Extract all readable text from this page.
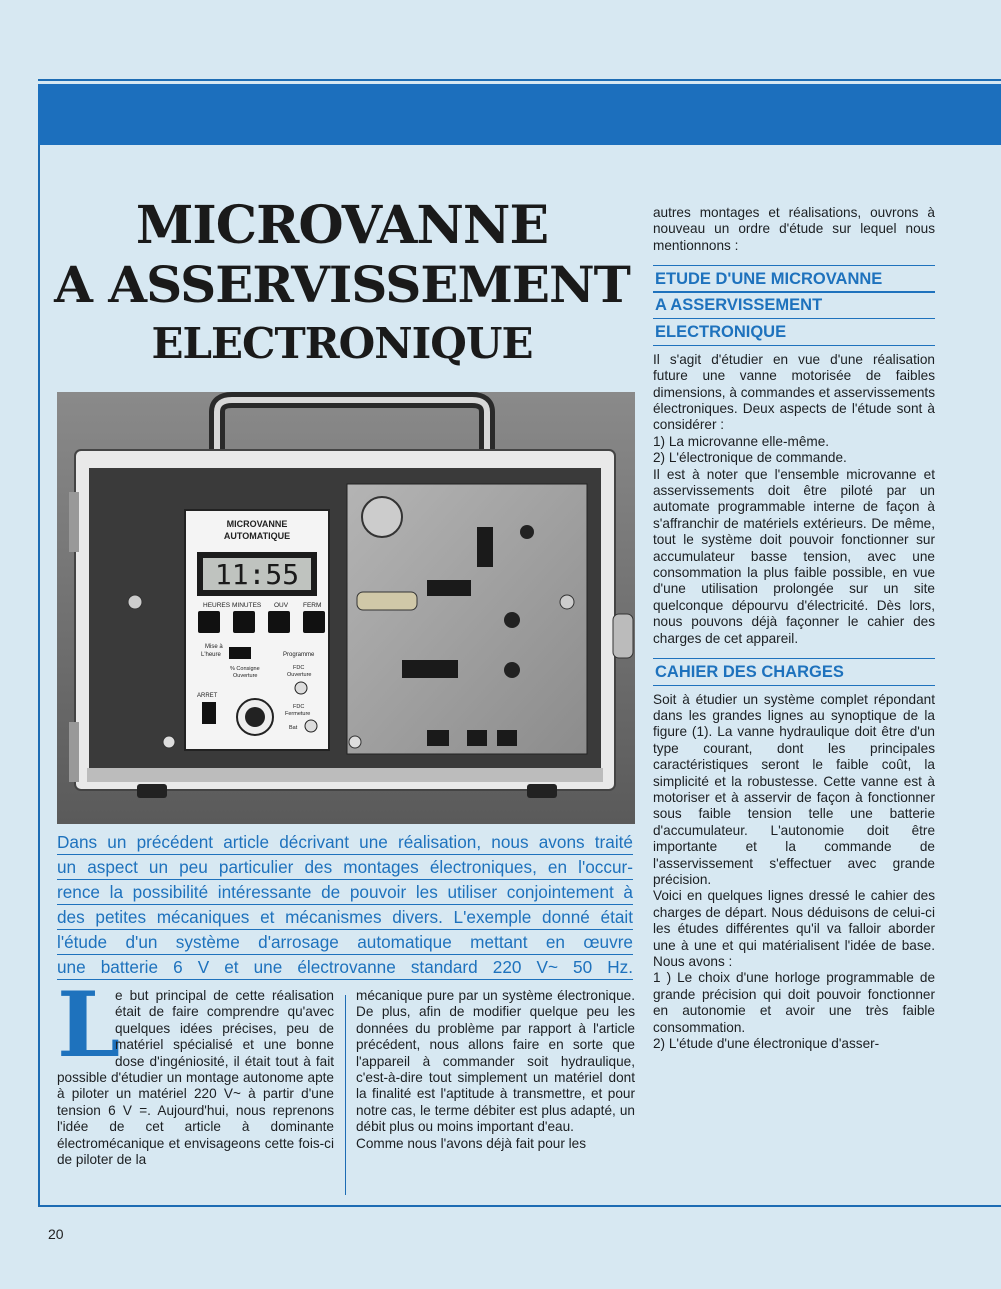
MICROVANNE
A ASSERVISSEMENT
ELECTRONIQUE
MICROVANNE
AUTOMATIQUE
11:55
HEURES MINUTES OUV FERM
Mise à
L'heure	Programme
% Consigne
Ouverture
FDC
Ouverture
FDC
Fermeture
Bat
ARRET
Dans un précédent article décrivant une réalisation, nous avons traité
un aspect un peu particulier des montages électroniques, en l'occur-
rence la possibilité intéressante de pouvoir les utiliser conjointement à
des petites mécaniques et mécanismes divers. L'exemple donné était
l'étude d'un système d'arrosage automatique mettant en œuvre
une batterie 6 V et une électrovanne standard 220 V~ 50 Hz.

L
e but principal de cette réalisation était de faire comprendre qu'avec quelques idées précises, peu de matériel spécialisé et une bonne dose d'ingéniosité, il était tout à fait possible d'étudier un montage autonome apte à piloter un matériel 220 V~ à partir d'une tension 6 V =. Aujourd'hui, nous reprenons l'idée de cet article à dominante électromécanique et envisageons cette fois-ci de piloter de la

mécanique pure par un système électronique. De plus, afin de modifier quelque peu les données du problème par rapport à l'article précédent, nous allons faire en sorte que l'appareil à commander soit hydraulique, c'est-à-dire tout simplement un matériel dont la finalité est l'aptitude à transmettre, et pour notre cas, le terme débiter est plus adapté, un débit plus ou moins important d'eau.

Comme nous l'avons déjà fait pour les

autres montages et réalisations, ouvrons à nouveau un ordre d'étude sur lequel nous mentionnons :

ETUDE D'UNE MICROVANNE
A ASSERVISSEMENT
ELECTRONIQUE

Il s'agit d'étudier en vue d'une réalisation future une vanne motorisée de faibles dimensions, à commandes et asservissements électroniques. Deux aspects de l'étude sont à considérer :

1) La microvanne elle-même.

2) L'électronique de commande.

Il est à noter que l'ensemble microvanne et asservissements doit être piloté par un automate programmable interne de façon à s'affranchir de matériels extérieurs. De même, tout le système doit pouvoir fonctionner sur accumulateur basse tension, avec une consommation la plus faible possible, en vue d'une utilisation prolongée sur un site quelconque dépourvu d'électricité. Dès lors, nous pouvons déjà façonner le cahier des charges de cet appareil.

CAHIER DES CHARGES

Soit à étudier un système complet répondant dans les grandes lignes au synoptique de la figure (1). La vanne hydraulique doit être d'un type courant, dont les principales caractéristiques seront le faible coût, la simplicité et la robustesse. Cette vanne est à motoriser et à asservir de façon à fonctionner sous faible tension telle une batterie d'accumulateur. L'autonomie doit être importante et la commande de l'asservissement s'effectuer avec grande précision.

Voici en quelques lignes dressé le cahier des charges de départ. Nous déduisons de celui-ci les études différentes qu'il va falloir aborder une à une et qui matérialisent l'idée de base. Nous avons :

1 ) Le choix d'une horloge programmable de grande précision qui doit pouvoir fonctionner en autonomie et avoir une très faible consommation.

2) L'étude d'une électronique d'asser-

20
